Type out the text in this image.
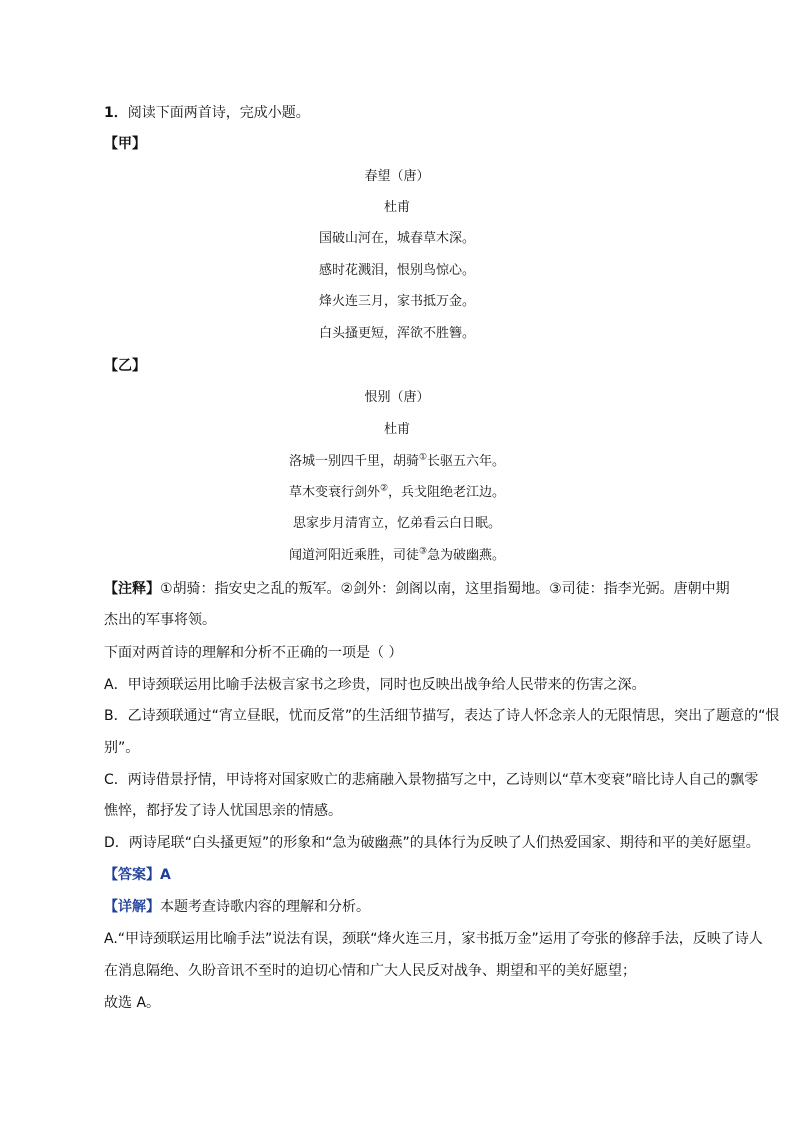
1．阅读下面两首诗，完成小题。
【甲】
春望（唐）
杜甫
国破山河在，城春草木深。
感时花溅泪，恨别鸟惊心。
烽火连三月，家书抵万金。
白头搔更短，浑欲不胜簪。
【乙】
恨别（唐）
杜甫
洛城一别四千里，胡骑①长驱五六年。
草木变衰行剑外②，兵戈阻绝老江边。
思家步月清宵立，忆弟看云白日眠。
闻道河阳近乘胜，司徒③急为破幽燕。
【注释】①胡骑：指安史之乱的叛军。②剑外：剑阁以南，这里指蜀地。③司徒：指李光弼。唐朝中期
杰出的军事将领。
下面对两首诗的理解和分析不正确的一项是（ ）
A．甲诗颈联运用比喻手法极言家书之珍贵，同时也反映出战争给人民带来的伤害之深。
B．乙诗颈联通过“宵立昼眠，忧而反常”的生活细节描写，表达了诗人怀念亲人的无限情思，突出了题意的“恨
别”。
C．两诗借景抒情，甲诗将对国家败亡的悲痛融入景物描写之中，乙诗则以“草木变衰”暗比诗人自己的飘零
憔悴，都抒发了诗人忧国思亲的情感。
D．两诗尾联“白头搔更短”的形象和“急为破幽燕”的具体行为反映了人们热爱国家、期待和平的美好愿望。
【答案】A
【详解】本题考查诗歌内容的理解和分析。
A.“甲诗颈联运用比喻手法”说法有误，颈联“烽火连三月，家书抵万金”运用了夸张的修辞手法，反映了诗人
在消息隔绝、久盼音讯不至时的迫切心情和广大人民反对战争、期望和平的美好愿望；
故选 A。
